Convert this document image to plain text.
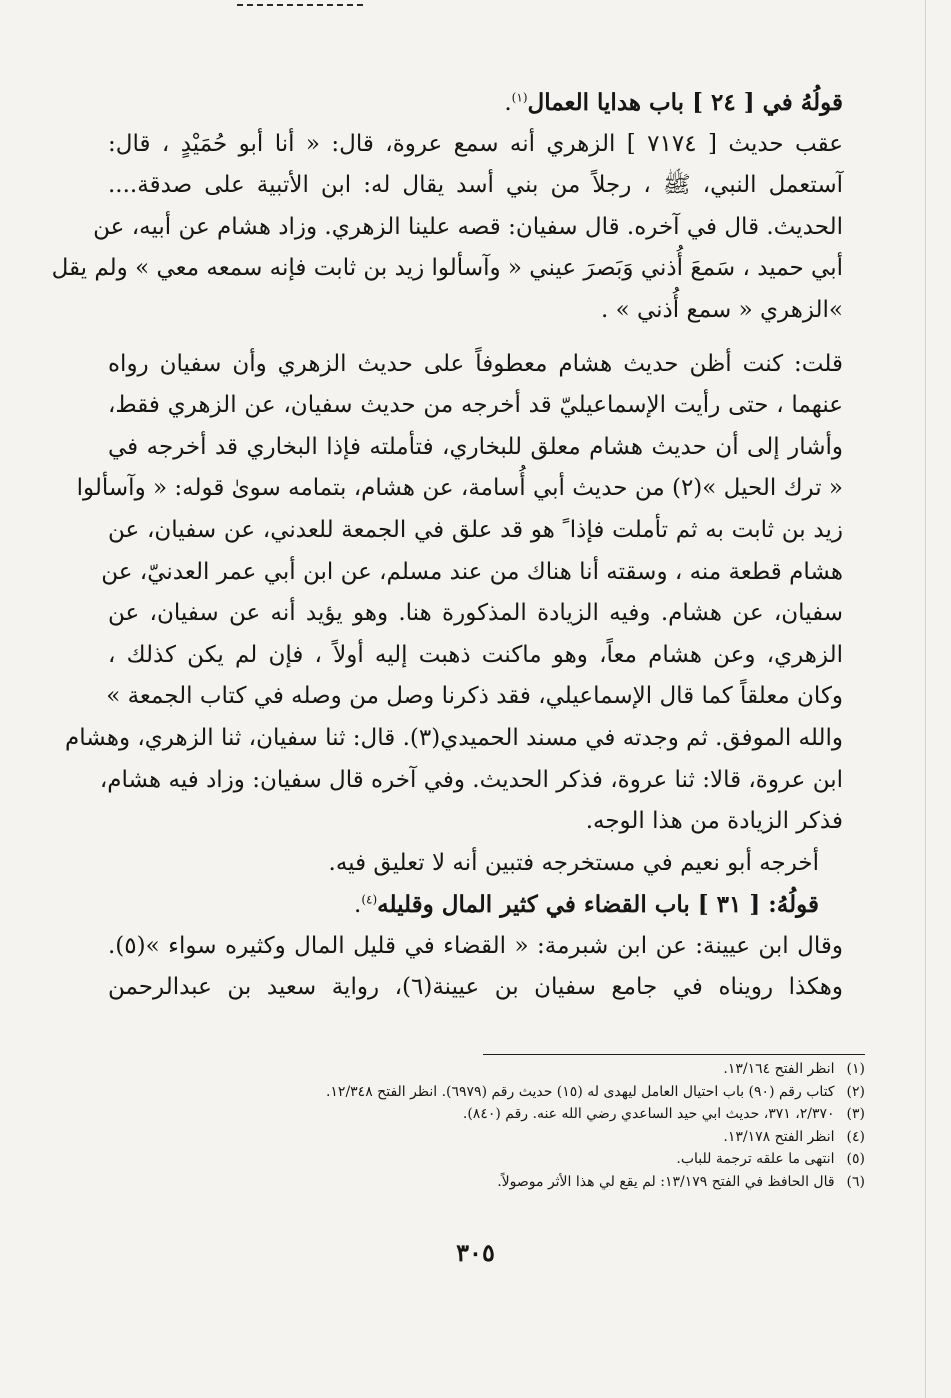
قولُهُ في [ ٢٤ ] باب هدايا العمال$^{(١)}$.
عقب حديث [ ٧١٧٤ ] الزهري أنه سمع عروة، قال: « أنا أبو حُمَيْدٍ ، قال:
آستعمل النبي، ﷺ ، رجلاً من بني أسد يقال له: ابن الأتبية على صدقة....
الحديث. قال في آخره. قال سفيان: قصه علينا الزهري. وزاد هشام عن أبيه، عن
أبي حميد ، سَمعَ أُذني وَبَصرَ عيني « وآسألوا زيد بن ثابت فإنه سمعه معي » ولم يقل
»الزهري « سمع أُذني » .
قلت: كنت أظن حديث هشام معطوفاً على حديث الزهري وأن سفيان رواه
عنهما ، حتى رأيت الإسماعيليّ قد أخرجه من حديث سفيان، عن الزهري فقط،
وأشار إلى أن حديث هشام معلق للبخاري، فتأملته فإذا البخاري قد أخرجه في
« ترك الحيل »(٢) من حديث أبي أُسامة، عن هشام، بتمامه سوىٰ قوله: « وآسألوا
زيد بن ثابت به ثم تأملت فإذا ً هو قد علق في الجمعة للعدني، عن سفيان، عن
هشام قطعة منه ، وسقته أنا هناك من عند مسلم، عن ابن أبي عمر العدنيّ، عن
سفيان، عن هشام. وفيه الزيادة المذكورة هنا. وهو يؤيد أنه عن سفيان، عن
الزهري، وعن هشام معاً، وهو ماكنت ذهبت إليه أولاً ، فإن لم يكن كذلك ،
وكان معلقاً كما قال الإسماعيلي، فقد ذكرنا وصل من وصله في كتاب الجمعة »
والله الموفق. ثم وجدته في مسند الحميدي(٣). قال: ثنا سفيان، ثنا الزهري، وهشام
ابن عروة، قالا: ثنا عروة، فذكر الحديث. وفي آخره قال سفيان: وزاد فيه هشام،
فذكر الزيادة من هذا الوجه.
أخرجه أبو نعيم في مستخرجه فتبين أنه لا تعليق فيه.
قولُهُ: [ ٣١ ] باب القضاء في كثير المال وقليله$^{(٤)}$.
وقال ابن عيينة: عن ابن شبرمة: « القضاء في قليل المال وكثيره سواء »(٥).
وهكذا رويناه في جامع سفيان بن عيينة(٦)، رواية سعيد بن عبدالرحمن
(١) انظر الفتح ١٣/١٦٤.
(٢) كتاب رقم (٩٠) باب احتيال العامل ليهدى له (١٥) حديث رقم (٦٩٧٩). انظر الفتح ١٢/٣٤٨.
(٣) ٢/٣٧٠، ٣٧١، حديث ابي حيد الساعدي رضي الله عنه. رقم (٨٤٠).
(٤) انظر الفتح ١٣/١٧٨.
(٥) انتهى ما علقه ترجمة للباب.
(٦) قال الحافظ في الفتح ١٣/١٧٩: لم يقع لي هذا الأثر موصولاً.
٣٠٥
